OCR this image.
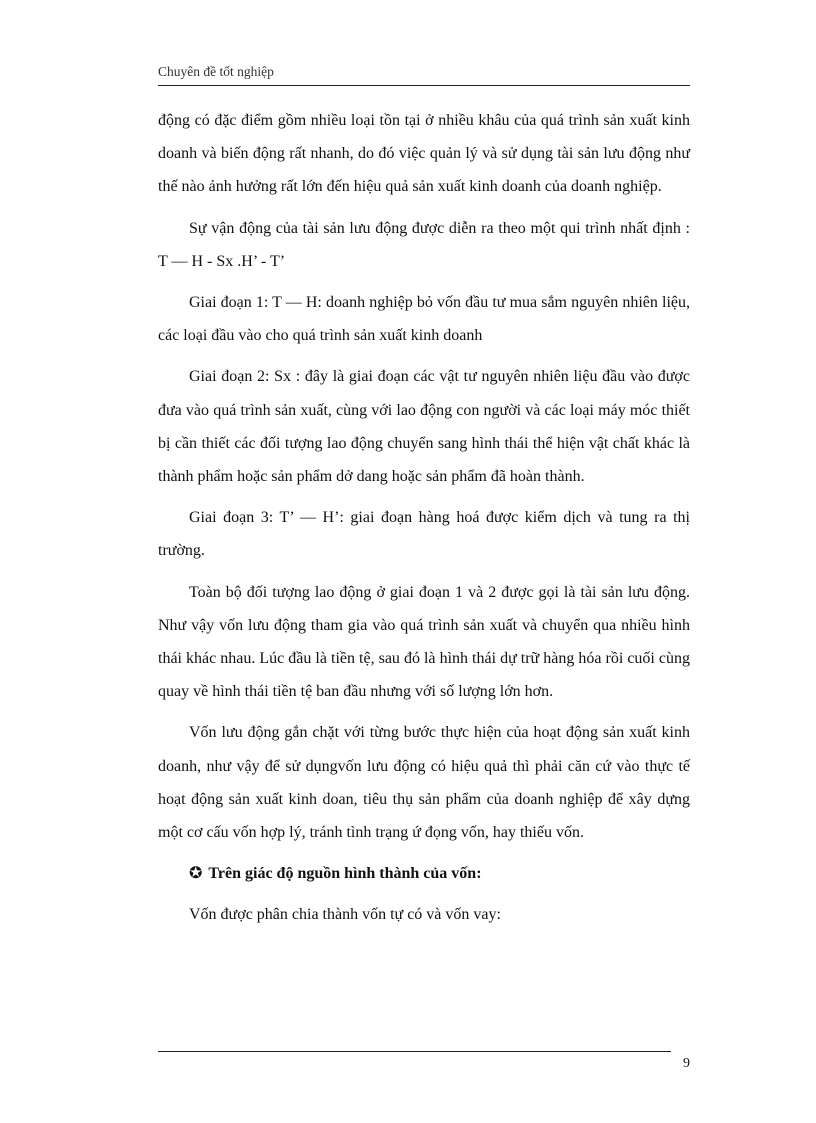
Chuyên đề tốt nghiệp

động có đặc điểm gồm nhiều loại tồn tại ở nhiều khâu của quá trình sản xuất kinh doanh và biến động rất nhanh, do đó việc quản lý và sử dụng tài sản lưu động như thế nào ảnh hưởng rất lớn đến hiệu quả sản xuất kinh doanh của doanh nghiệp.

Sự vận động của tài sản lưu động được diễn ra theo một qui trình nhất định : T — H - Sx .H’ - T’

Giai đoạn 1: T — H: doanh nghiệp bỏ vốn đầu tư mua sắm nguyên nhiên liệu, các loại đầu vào cho quá trình sản xuất kinh doanh

Giai đoạn 2: Sx : đây là giai đoạn các vật tư nguyên nhiên liệu đầu vào được đưa vào quá trình sản xuất, cùng với lao động con người và các loại máy móc thiết bị cần thiết các đối tượng lao động chuyển sang hình thái thể hiện vật chất khác là thành phẩm hoặc sản phẩm dở dang hoặc sản phẩm đã hoàn thành.

Giai đoạn 3: T’ — H’: giai đoạn hàng hoá được kiểm dịch và tung ra thị trường.

Toàn bộ đối tượng lao động ở giai đoạn 1 và 2 được gọi là tài sản lưu động. Như vậy vốn lưu động tham gia vào quá trình sản xuất và chuyển qua nhiều hình thái khác nhau. Lúc đầu là tiền tệ, sau đó là hình thái dự trữ hàng hóa rồi cuối cùng quay về hình thái tiền tệ ban đầu nhưng với số lượng lớn hơn.

Vốn lưu động gắn chặt với từng bước thực hiện của hoạt động sản xuất kinh doanh, như vậy để sử dụngvốn lưu động có hiệu quả thì phải căn cứ vào thực tế hoạt động sản xuất kinh doan, tiêu thụ sản phẩm của doanh nghiệp để xây dựng một cơ cấu vốn hợp lý, tránh tình trạng ứ đọng vốn, hay thiếu vốn.

✪ Trên giác độ nguồn hình thành của vốn:

Vốn được phân chia thành vốn tự có và vốn vay:

9
